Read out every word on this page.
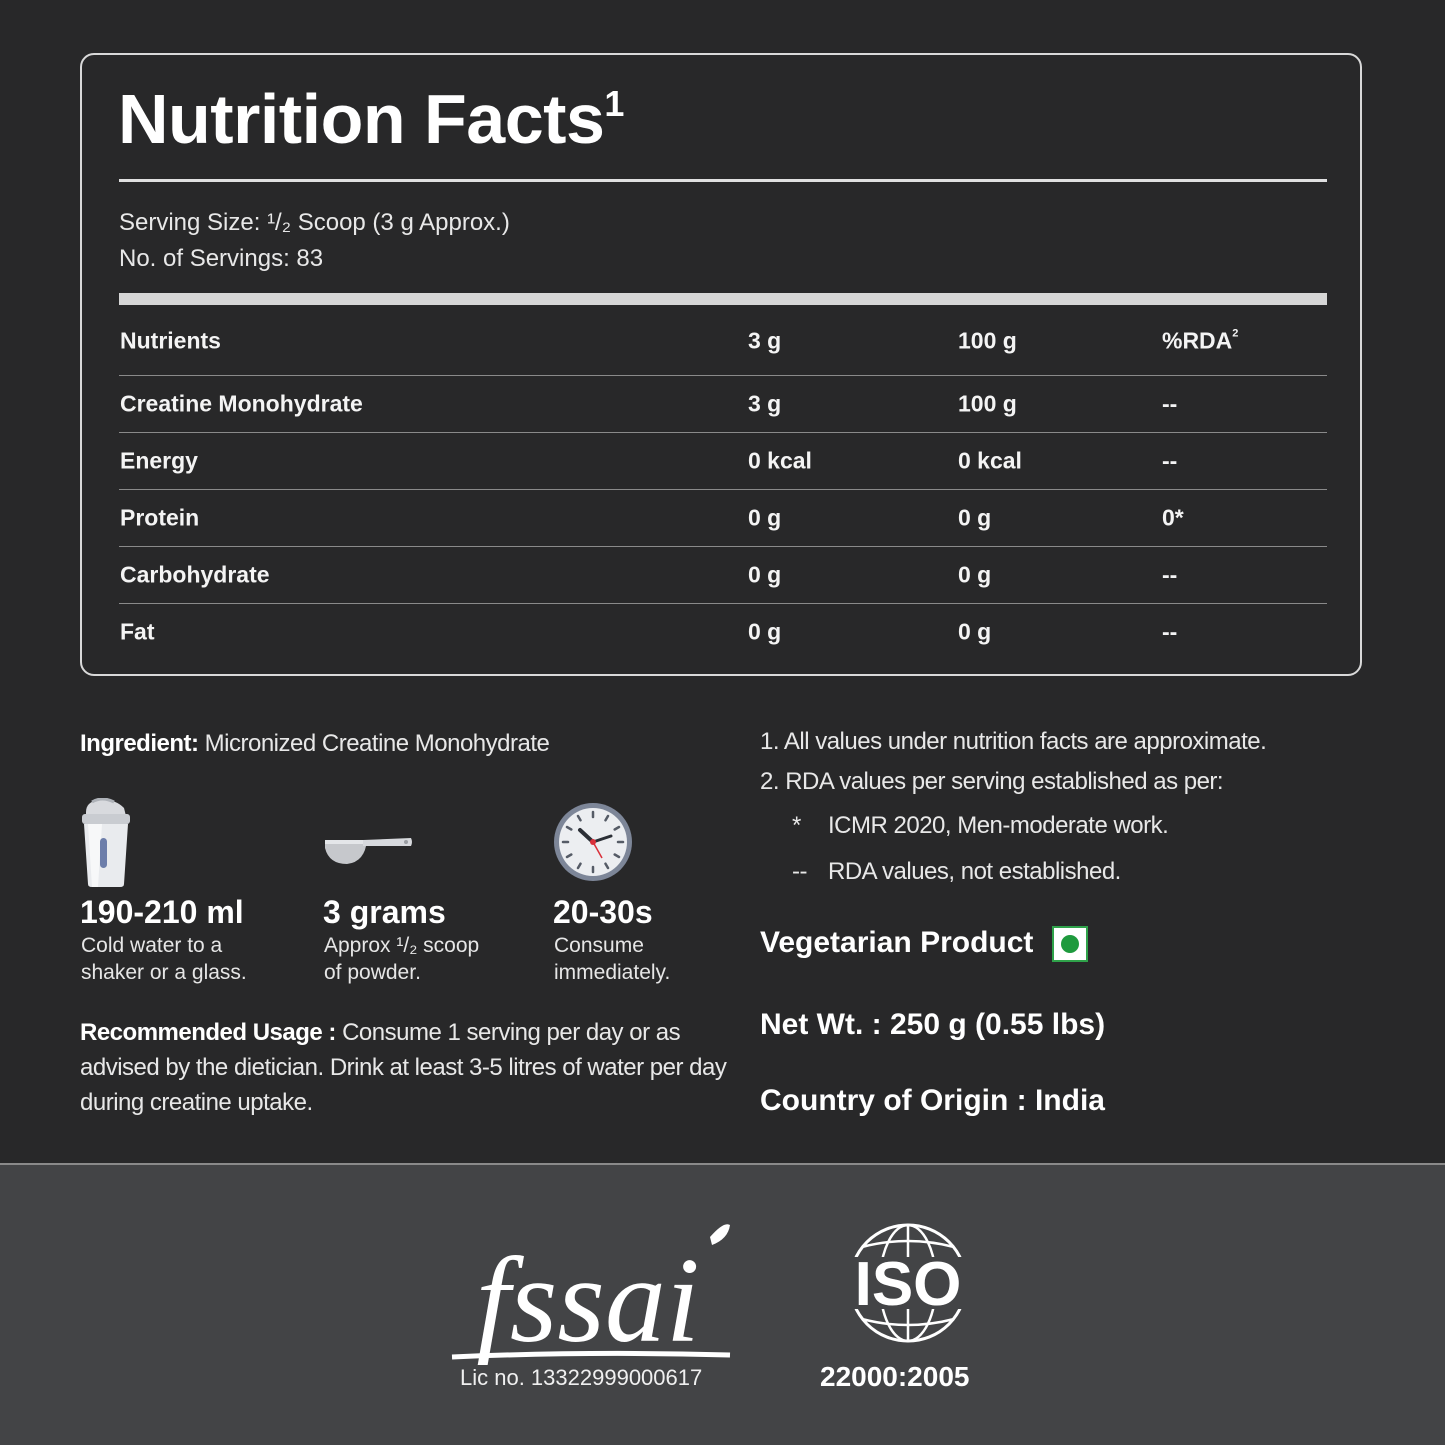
Nutrition Facts$^1$
Serving Size: ¹/₂ Scoop (3 g Approx.)
No. of Servings: 83
Nutrients	3 g	100 g	%RDA$^2$
Creatine Monohydrate	3 g	100 g	--
Energy	0 kcal	0 kcal	--
Protein	0 g	0 g	0*
Carbohydrate	0 g	0 g	--
Fat	0 g	0 g	--
Ingredient: Micronized Creatine Monohydrate
190-210 ml
Cold water to a
shaker or a glass.
3 grams
Approx ¹/₂ scoop
of powder.
20-30s
Consume
immediately.
Recommended Usage : Consume 1 serving per day or as advised by the dietician. Drink at least 3-5 litres of water per day during creatine uptake.
1. All values under nutrition facts are approximate.
2. RDA values per serving established as per:
* ICMR 2020, Men-moderate work.
-- RDA values, not established.
Vegetarian Product
Net Wt. : 250 g (0.55 lbs)
Country of Origin : India
fssai
Lic no. 13322999000617
ISO
22000:2005
